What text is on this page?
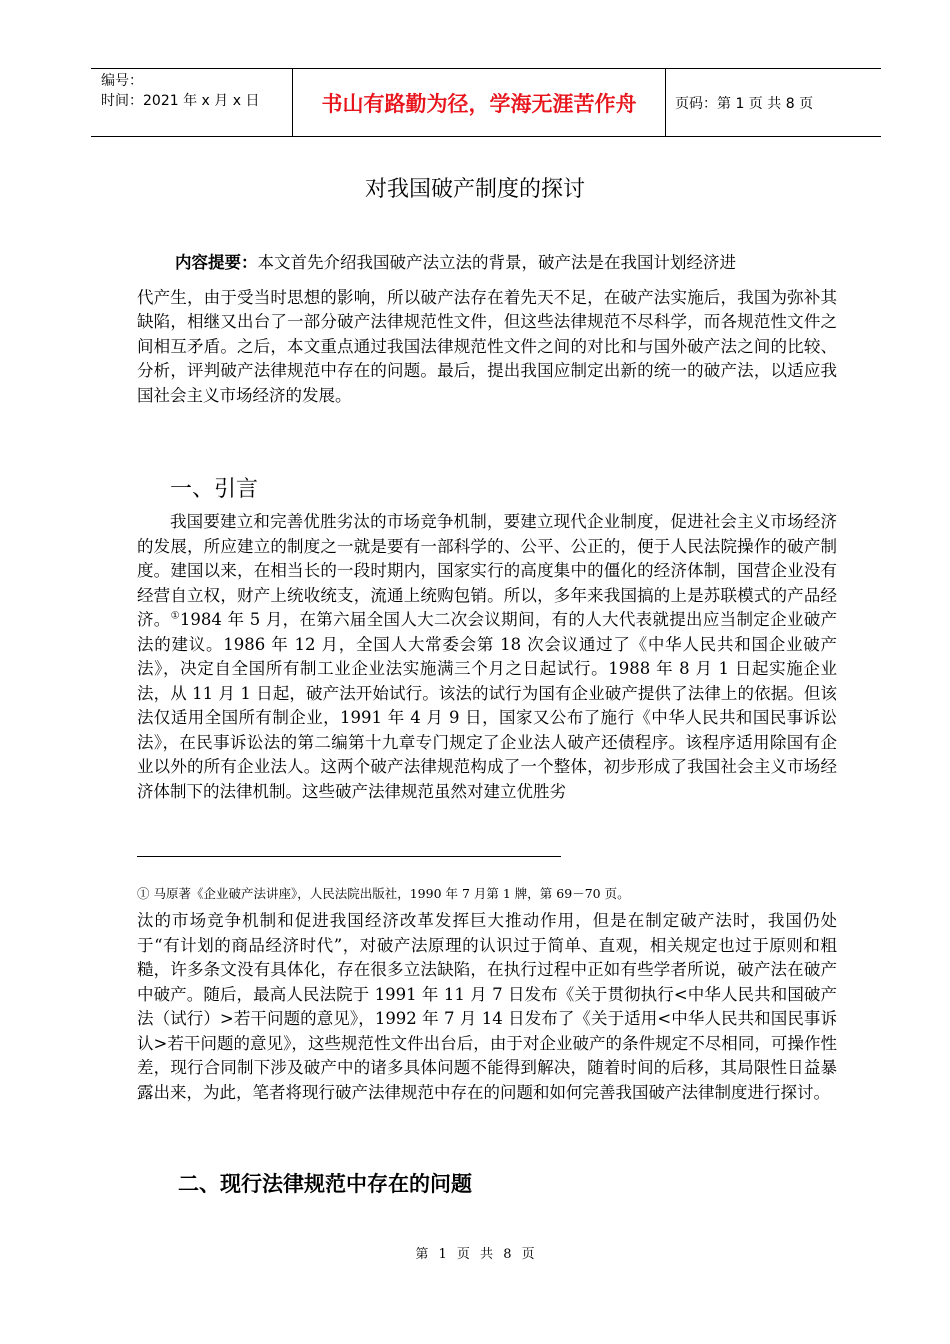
编号：
时间：2021 年 x 月 x 日	书山有路勤为径，学海无涯苦作舟	页码：第 1 页 共 8 页
对我国破产制度的探讨
内容提要：本文首先介绍我国破产法立法的背景，破产法是在我国计划经济进
代产生，由于受当时思想的影响，所以破产法存在着先天不足，在破产法实施后，我国为弥补其缺陷，相继又出台了一部分破产法律规范性文件，但这些法律规范不尽科学，而各规范性文件之间相互矛盾。之后，本文重点通过我国法律规范性文件之间的对比和与国外破产法之间的比较、分析，评判破产法律规范中存在的问题。最后，提出我国应制定出新的统一的破产法，以适应我国社会主义市场经济的发展。
一、引言
我国要建立和完善优胜劣汰的市场竞争机制，要建立现代企业制度，促进社会主义市场经济的发展，所应建立的制度之一就是要有一部科学的、公平、公正的，便于人民法院操作的破产制度。建国以来，在相当长的一段时期内，国家实行的高度集中的僵化的经济体制，国营企业没有经营自立权，财产上统收统支，流通上统购包销。所以，多年来我国搞的上是苏联模式的产品经济。①1984 年 5 月，在第六届全国人大二次会议期间，有的人大代表就提出应当制定企业破产法的建议。1986 年 12 月，全国人大常委会第 18 次会议通过了《中华人民共和国企业破产法》，决定自全国所有制工业企业法实施满三个月之日起试行。1988 年 8 月 1 日起实施企业法，从 11 月 1 日起，破产法开始试行。该法的试行为国有企业破产提供了法律上的依据。但该法仅适用全国所有制企业，1991 年 4 月 9 日，国家又公布了施行《中华人民共和国民事诉讼法》，在民事诉讼法的第二编第十九章专门规定了企业法人破产还债程序。该程序适用除国有企业以外的所有企业法人。这两个破产法律规范构成了一个整体，初步形成了我国社会主义市场经济体制下的法律机制。这些破产法律规范虽然对建立优胜劣
① 马原著《企业破产法讲座》，人民法院出版社，1990 年 7 月第 1 牌，第 69－70 页。
汰的市场竞争机制和促进我国经济改革发挥巨大推动作用，但是在制定破产法时，我国仍处于“有计划的商品经济时代”，对破产法原理的认识过于简单、直观，相关规定也过于原则和粗糙，许多条文没有具体化，存在很多立法缺陷，在执行过程中正如有些学者所说，破产法在破产中破产。随后，最高人民法院于 1991 年 11 月 7 日发布《关于贯彻执行<中华人民共和国破产法（试行）>若干问题的意见》，1992 年 7 月 14 日发布了《关于适用<中华人民共和国民事诉认>若干问题的意见》，这些规范性文件出台后，由于对企业破产的条件规定不尽相同，可操作性差，现行合同制下涉及破产中的诸多具体问题不能得到解决，随着时间的后移，其局限性日益暴露出来，为此，笔者将现行破产法律规范中存在的问题和如何完善我国破产法律制度进行探讨。
二、现行法律规范中存在的问题
第 1 页 共 8 页
